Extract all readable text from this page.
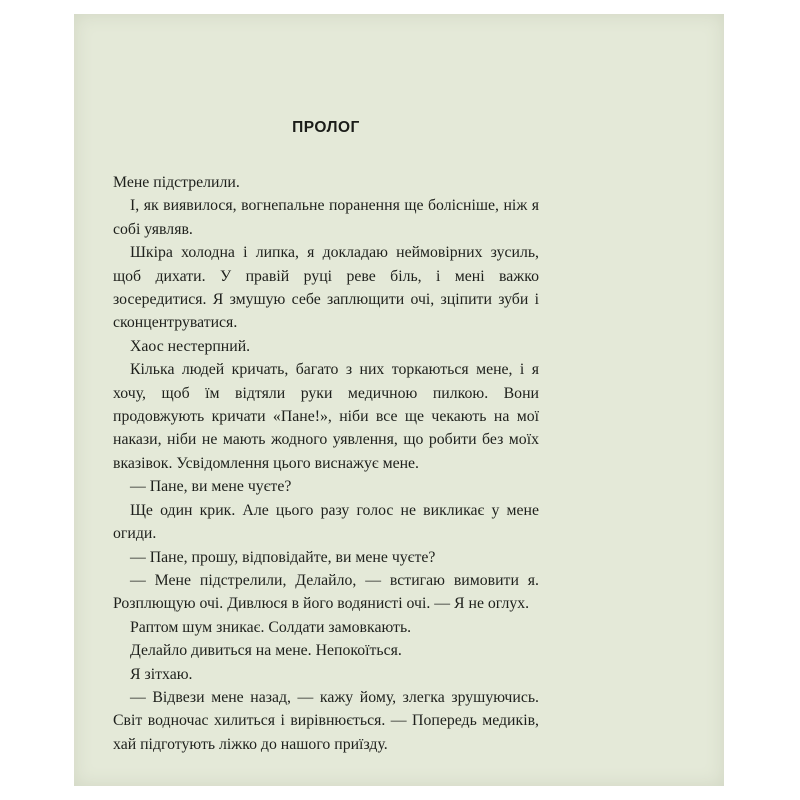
ПРОЛОГ

Мене підстрелили.

І, як виявилося, вогнепальне поранення ще болісніше, ніж я собі уявляв.

Шкіра холодна і липка, я докладаю неймовірних зусиль, щоб дихати. У правій руці реве біль, і мені важко зосередитися. Я змушую себе заплющити очі, зціпити зуби і сконцентруватися.

Хаос нестерпний.

Кілька людей кричать, багато з них торкаються мене, і я хочу, щоб їм відтяли руки медичною пилкою. Вони продовжують кричати «Пане!», ніби все ще чекають на мої накази, ніби не мають жодного уявлення, що робити без моїх вказівок. Усвідомлення цього виснажує мене.

— Пане, ви мене чуєте?

Ще один крик. Але цього разу голос не викликає у мене огиди.

— Пане, прошу, відповідайте, ви мене чуєте?

— Мене підстрелили, Делайло, — встигаю вимовити я. Розплющую очі. Дивлюся в його водянисті очі. — Я не оглух.

Раптом шум зникає. Солдати замовкають.

Делайло дивиться на мене. Непокоїться.

Я зітхаю.

— Відвези мене назад, — кажу йому, злегка зрушуючись. Світ водночас хилиться і вирівнюється. — Попередь медиків, хай підготують ліжко до нашого приїзду.
